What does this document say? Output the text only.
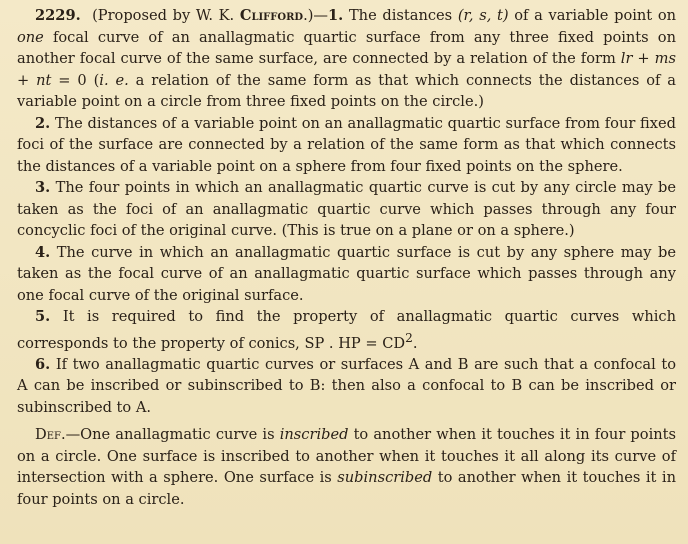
2229. (Proposed by W. K. Clifford.)—1. The distances (r, s, t) of a variable point on one focal curve of an anallagmatic quartic surface from any three fixed points on another focal curve of the same surface, are connected by a relation of the form lr + ms + nt = 0 (i. e. a relation of the same form as that which connects the distances of a variable point on a circle from three fixed points on the circle.)

2. The distances of a variable point on an anallagmatic quartic surface from four fixed foci of the surface are connected by a relation of the same form as that which connects the distances of a variable point on a sphere from four fixed points on the sphere.

3. The four points in which an anallagmatic quartic curve is cut by any circle may be taken as the foci of an anallagmatic quartic curve which passes through any four concyclic foci of the original curve. (This is true on a plane or on a sphere.)

4. The curve in which an anallagmatic quartic surface is cut by any sphere may be taken as the focal curve of an anallagmatic quartic surface which passes through any one focal curve of the original surface.

5. It is required to find the property of anallagmatic quartic curves which corresponds to the property of conics, SP . HP = $CD^2$.

6. If two anallagmatic quartic curves or surfaces A and B are such that a confocal to A can be inscribed or subinscribed to B: then also a confocal to B can be inscribed or subinscribed to A.

Def.—One anallagmatic curve is inscribed to another when it touches it in four points on a circle. One surface is inscribed to another when it touches it all along its curve of intersection with a sphere. One surface is subinscribed to another when it touches it in four points on a circle.
